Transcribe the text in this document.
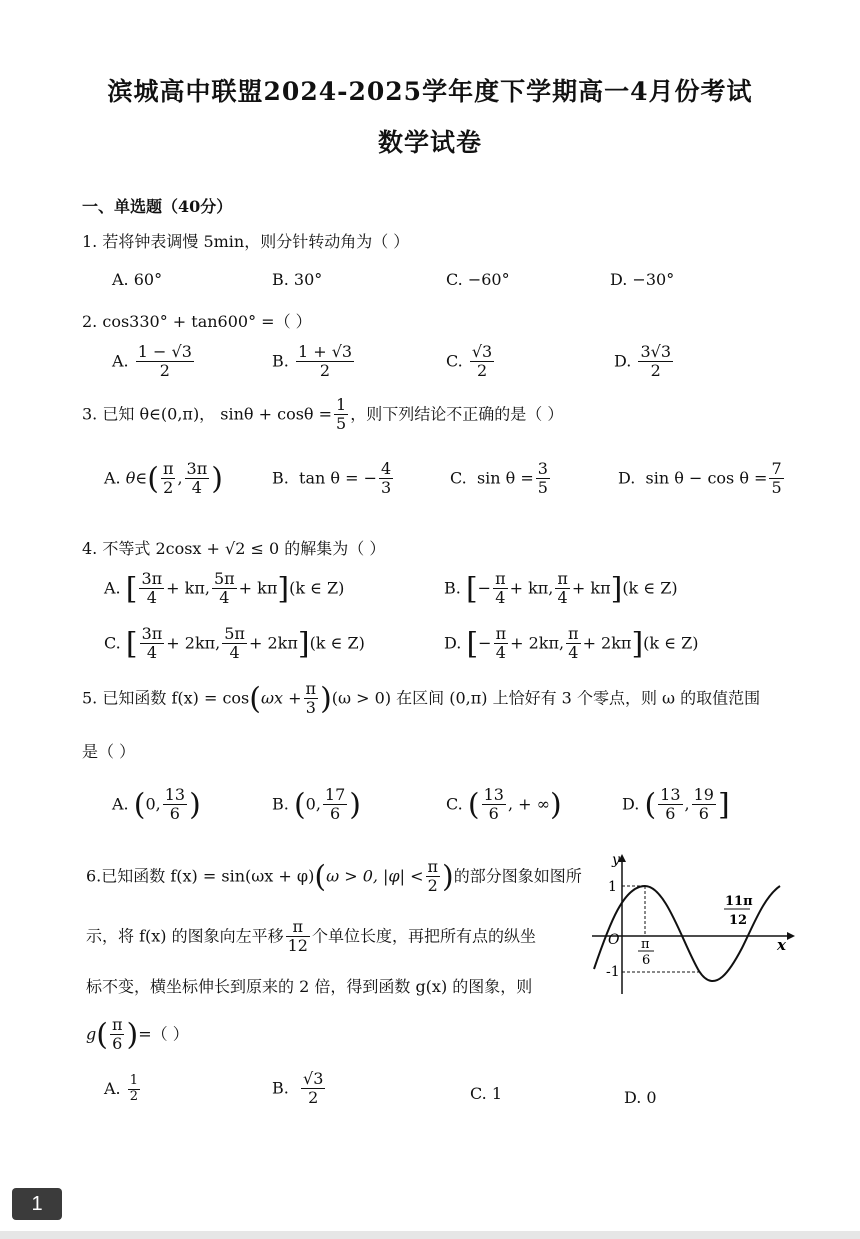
滨城高中联盟2024-2025学年度下学期高一4月份考试
数学试卷
一、单选题（40分）
1. 若将钟表调慢 5min，则分针转动角为（ ）
A. 60°	B. 30°	C. −60°	D. −30°
2. cos330° + tan600° =（ ）
A. $\frac{1 - √3}{2}$	B. $\frac{1 + √3}{2}$	C. $\frac{√3}{2}$	D. $\frac{3√3}{2}$
3. 已知 θ∈(0,π)， $\sin\theta + \cos\theta = \frac{1}{5}$ ，则下列结论不正确的是（ ）
A. θ∈( $\frac{\pi}{2}$ , $\frac{3\pi}{4}$ )	B. tan θ = − $\frac{4}{3}$	C. $\sin \theta = \frac{3}{5}$	D. $\sin \theta - \cos \theta = \frac{7}{5}$
4. 不等式 2cosx + √2 ≤ 0 的解集为（ ）
A. [ $\frac{3\pi}{4} + k\pi$, $\frac{5\pi}{4} + k\pi](k$ ∈ Z)	B. [− $\frac{\pi}{4} + k\pi$, $\frac{\pi}{4} + k\pi](k$ ∈ Z)
C. [ $\frac{3\pi}{4} + 2k\pi$, $\frac{5\pi}{4} + 2k\pi](k$ ∈ Z)	D. [− $\frac{\pi}{4} + 2k\pi$, $\frac{\pi}{4} + 2k\pi](k$ ∈ Z)
5. 已知函数 $f(x) = \cos(\omega x + \frac{\pi}{3} )(\omega > 0)$ 在区间 (0,π) 上恰好有 3 个零点，则 ω 的取值范围
是（ ）
A. (0, $\frac{13}{6}$ )	B. (0, $\frac{17}{6}$ )	C. ( $\frac{13}{6}$ , + ∞)	D. ( $\frac{13}{6}$ , $\frac{19}{6}$ ]
6.已知函数 f(x) = sin(ωx + φ)(ω > 0, $|\varphi| < \frac{\pi}{2}$ )的部分图象如图所
示，将 f(x) 的图象向左平移 $\frac{\pi}{12}$ 个单位长度，再把所有点的纵坐
标不变，横坐标伸长到原来的 2 倍，得到函数 g(x) 的图象，则
$g( \frac{\pi}{6}$ )=（ ）
A. $\frac{1}{2}$	B. $\frac{√3}{2}$	C. 1	D. 0
y
x
O
1
-1
π
6
11π
12
1
